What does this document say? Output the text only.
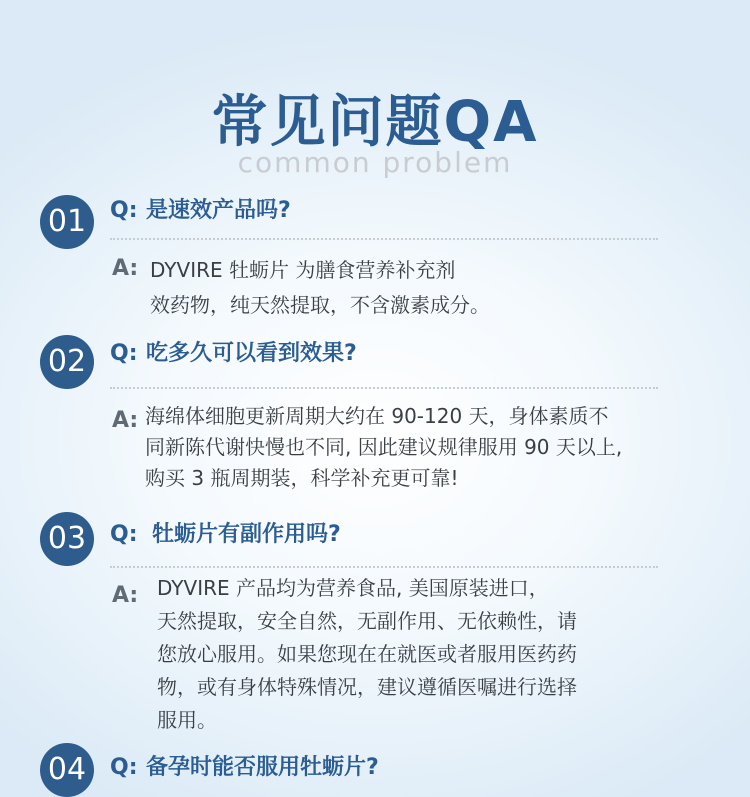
常见问题QA
common problem
01	Q: 是速效产品吗?
A: DYVIRE 牡蛎片 为膳食营养补充剂
效药物，纯天然提取，不含激素成分。
02	Q: 吃多久可以看到效果?
A: 海绵体细胞更新周期大约在 90-120 天，身体素质不
同新陈代谢快慢也不同, 因此建议规律服用 90 天以上,
购买 3 瓶周期装，科学补充更可靠!
03	Q: 牡蛎片有副作用吗?
A: DYVIRE 产品均为营养食品, 美国原装进口，
天然提取，安全自然，无副作用、无依赖性，请
您放心服用。如果您现在在就医或者服用医药药
物，或有身体特殊情况，建议遵循医嘱进行选择
服用。
04	Q: 备孕时能否服用牡蛎片?
